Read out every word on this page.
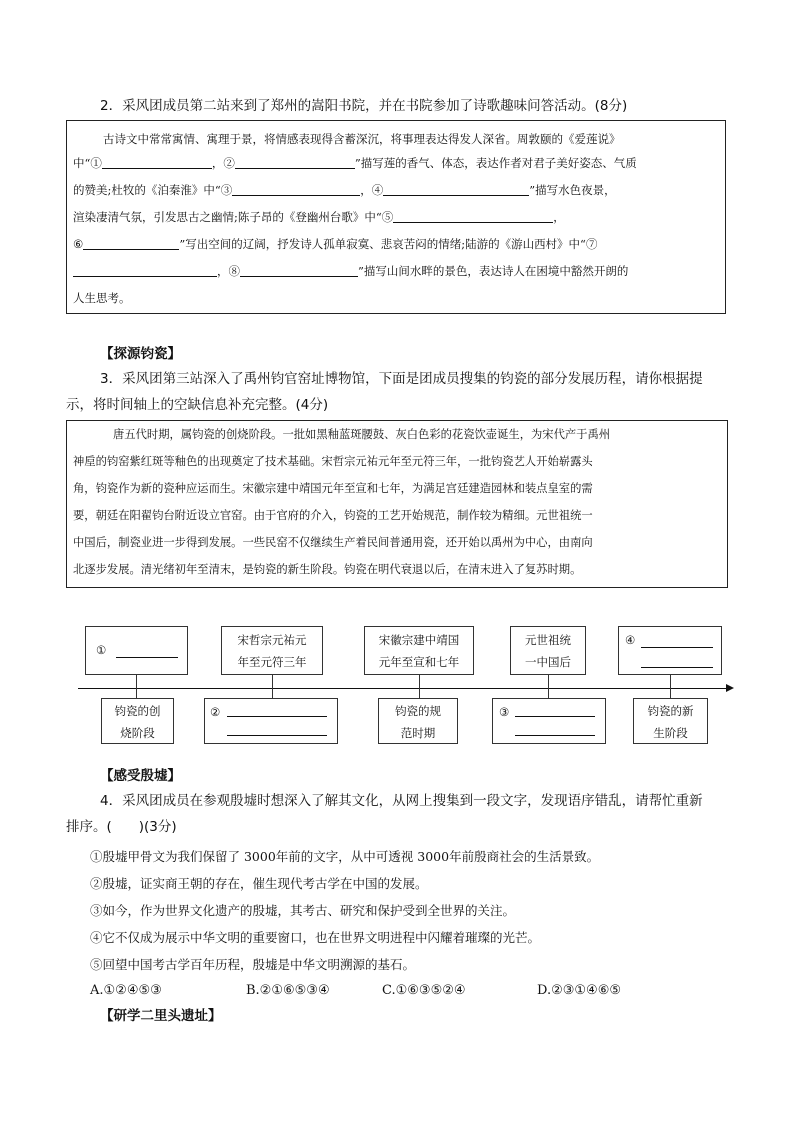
2．采风团成员第二站来到了郑州的嵩阳书院，并在书院参加了诗歌趣味问答活动。(8分)
古诗文中常常寓情、寓理于景，将情感表现得含蓄深沉，将事理表达得发人深省。周敦颐的《爱莲说》
中“①	，②	”描写莲的香气、体态，表达作者对君子美好姿态、气质
的赞美;杜牧的《泊秦淮》中“③	，④	”描写水色夜景，
渲染凄清气氛，引发思古之幽情;陈子昂的《登幽州台歌》中“⑤	，
⑥	”写出空间的辽阔，抒发诗人孤单寂寞、悲哀苦闷的情绪;陆游的《游山西村》中“⑦
，⑧	”描写山间水畔的景色，表达诗人在困境中豁然开朗的
人生思考。
【探源钧瓷】
3．采风团第三站深入了禹州钧官窑址博物馆，下面是团成员搜集的钧瓷的部分发展历程，请你根据提
示，将时间轴上的空缺信息补充完整。(4分)
唐五代时期，属钧瓷的创烧阶段。一批如黑釉蓝斑腰鼓、灰白色彩的花瓷饮壶诞生，为宋代产于禹州
神垕的钧窑紫红斑等釉色的出现奠定了技术基础。宋哲宗元祐元年至元符三年，一批钧瓷艺人开始崭露头
角，钧瓷作为新的瓷种应运而生。宋徽宗建中靖国元年至宣和七年，为满足宫廷建造园林和装点皇室的需
要，朝廷在阳翟钧台附近设立官窑。由于官府的介入，钧瓷的工艺开始规范，制作较为精细。元世祖统一
中国后，制瓷业进一步得到发展。一些民窑不仅继续生产着民间普通用瓷，还开始以禹州为中心，由南向
北逐步发展。清光绪初年至清末，是钧瓷的新生阶段。钧瓷在明代衰退以后，在清末进入了复苏时期。
①
宋哲宗元祐元
年至元符三年
宋徽宗建中靖国
元年至宣和七年
元世祖统
一中国后
④
钧瓷的创
烧阶段
②	钧瓷的规
范时期
③	钧瓷的新
生阶段
【感受殷墟】
4．采风团成员在参观殷墟时想深入了解其文化，从网上搜集到一段文字，发现语序错乱，请帮忙重新
排序。(　　)(3分)
①殷墟甲骨文为我们保留了 3000年前的文字，从中可透视 3000年前殷商社会的生活景致。
②殷墟，证实商王朝的存在，催生现代考古学在中国的发展。
③如今，作为世界文化遗产的殷墟，其考古、研究和保护受到全世界的关注。
④它不仅成为展示中华文明的重要窗口，也在世界文明进程中闪耀着璀璨的光芒。
⑤回望中国考古学百年历程，殷墟是中华文明溯源的基石。
A.①②④⑤③	B.②①⑥⑤③④	C.①⑥③⑤②④	D.②③①④⑥⑤
【研学二里头遗址】
